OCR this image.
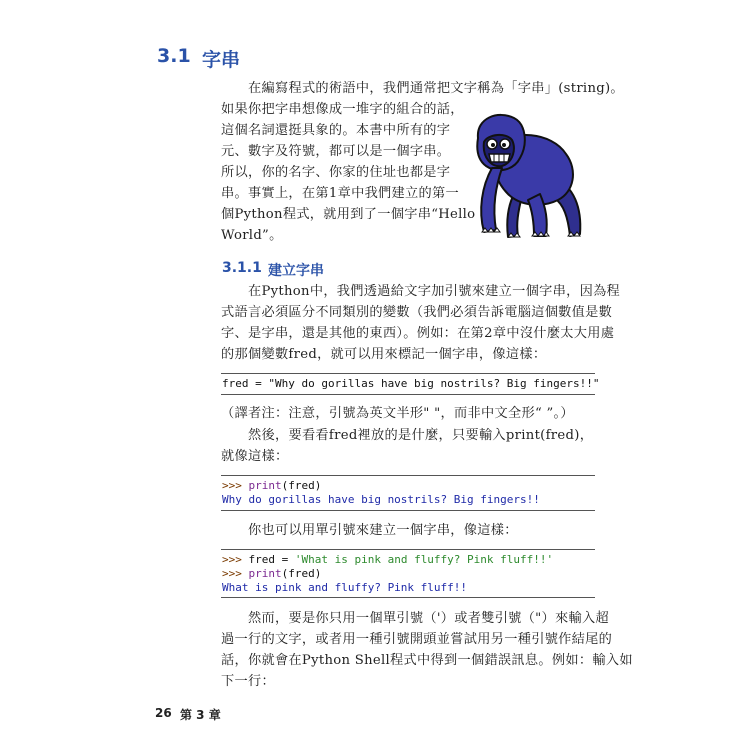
3.1 字串
在編寫程式的術語中，我們通常把文字稱為「字串」(string)。
如果你把字串想像成一堆字的組合的話，
這個名詞還挺具象的。本書中所有的字
元、數字及符號，都可以是一個字串。
所以，你的名字、你家的住址也都是字
串。事實上，在第1章中我們建立的第一
個Python程式，就用到了一個字串“Hello
World”。
3.1.1 建立字串
在Python中，我們透過給文字加引號來建立一個字串，因為程
式語言必須區分不同類別的變數（我們必須告訴電腦這個數值是數
字、是字串，還是其他的東西）。例如：在第2章中沒什麼太大用處
的那個變數fred，就可以用來標記一個字串，像這樣：
fred = "Why do gorillas have big nostrils? Big fingers!!"
（譯者注：注意，引號為英文半形" "，而非中文全形“ ”。）
然後，要看看fred裡放的是什麼，只要輸入print(fred)，
就像這樣：
>>> print(fred)
Why do gorillas have big nostrils? Big fingers!!
你也可以用單引號來建立一個字串，像這樣：
>>> fred = 'What is pink and fluffy? Pink fluff!!'
>>> print(fred)
What is pink and fluffy? Pink fluff!!
然而，要是你只用一個單引號（'）或者雙引號（"）來輸入超
過一行的文字，或者用一種引號開頭並嘗試用另一種引號作結尾的
話，你就會在Python Shell程式中得到一個錯誤訊息。例如：輸入如
下一行：
26 第 3 章
